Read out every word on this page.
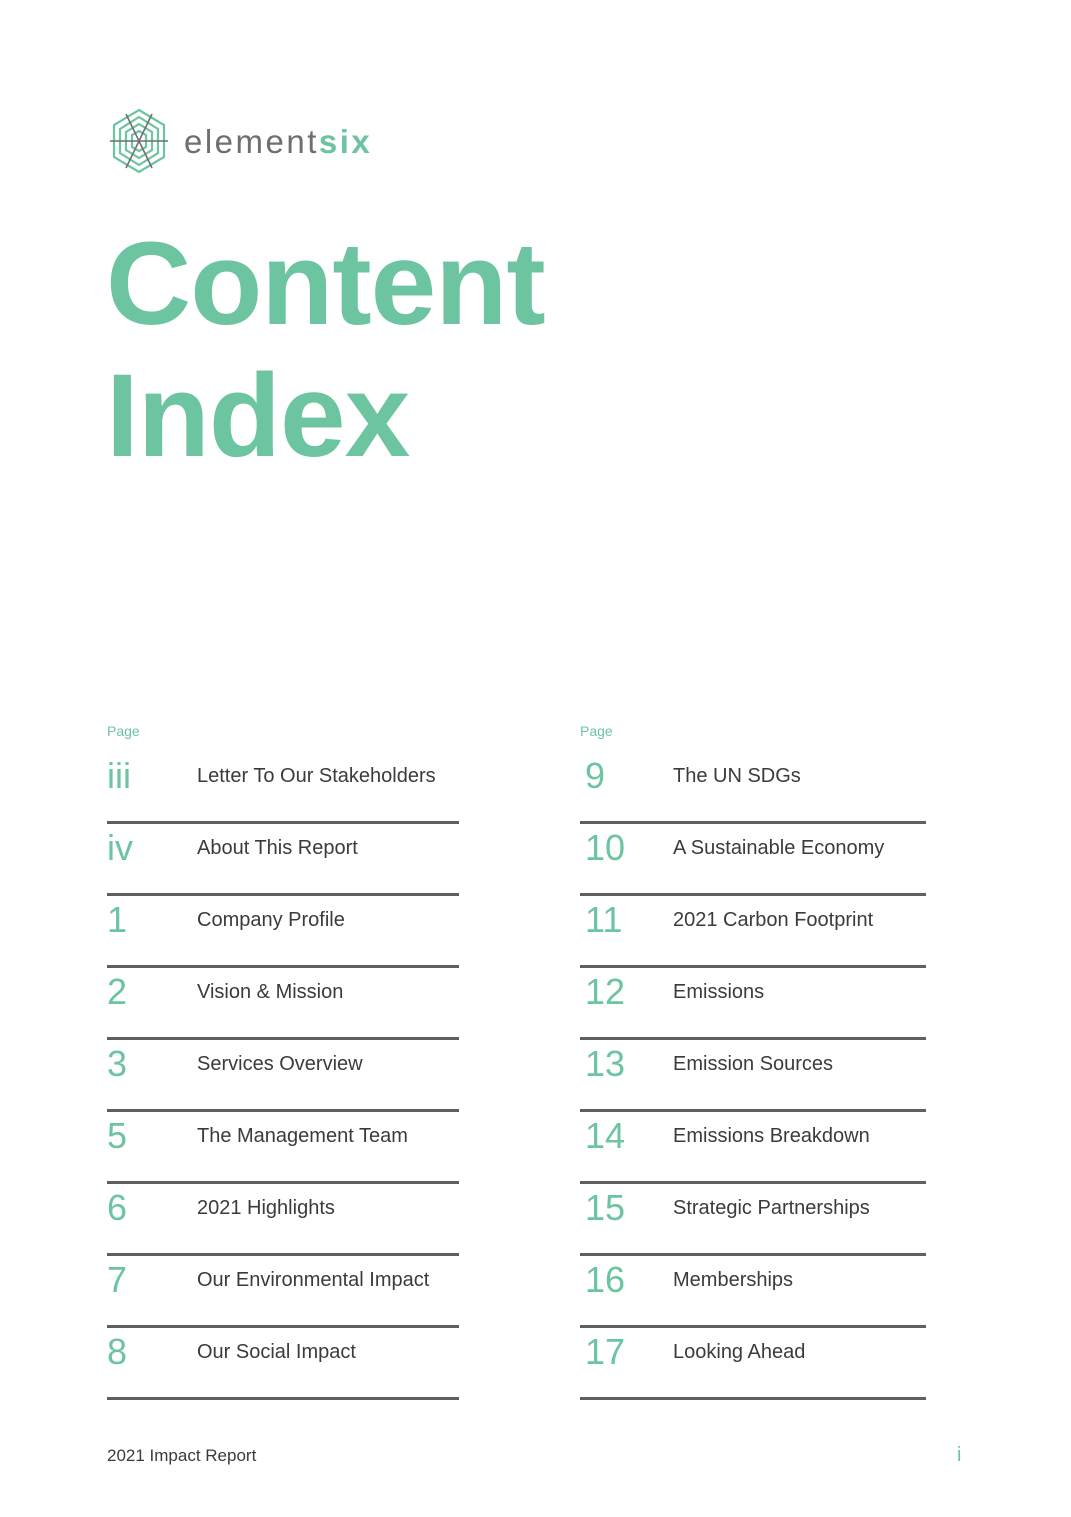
elementsix
Content
Index
Page
iii	Letter To Our Stakeholders
iv	About This Report
1	Company Profile
2	Vision & Mission
3	Services Overview
5	The Management Team
6	2021 Highlights
7	Our Environmental Impact
8	Our Social Impact
Page
9	The UN SDGs
10 A Sustainable Economy
11	2021 Carbon Footprint
12 Emissions
13 Emission Sources
14 Emissions Breakdown
15 Strategic Partnerships
16 Memberships
17 Looking Ahead
2021 Impact Report	i
